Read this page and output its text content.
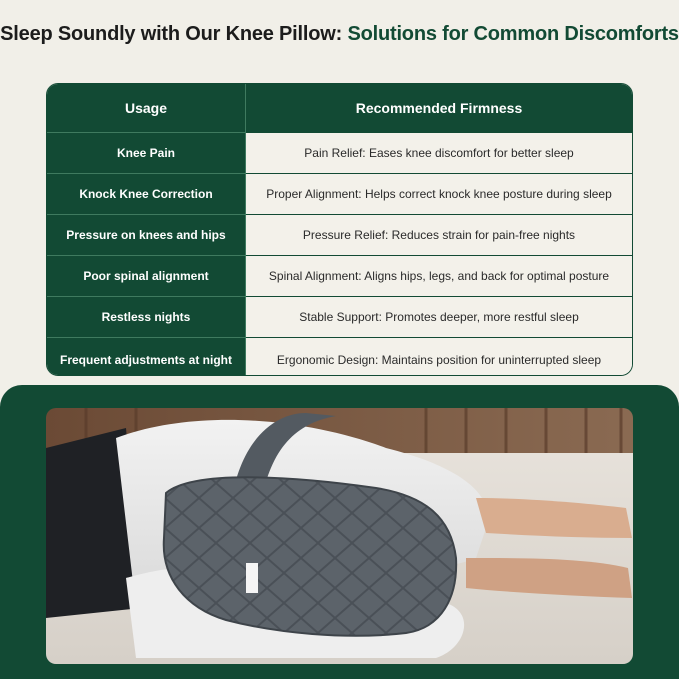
Sleep Soundly with Our Knee Pillow: Solutions for Common Discomforts
Usage	Recommended Firmness
Knee Pain	Pain Relief: Eases knee discomfort for better sleep
Knock Knee Correction	Proper Alignment: Helps correct knock knee posture during sleep
Pressure on knees and hips	Pressure Relief: Reduces strain for pain-free nights
Poor spinal alignment	Spinal Alignment: Aligns hips, legs, and back for optimal posture
Restless nights	Stable Support: Promotes deeper, more restful sleep
Frequent adjustments at night	Ergonomic Design: Maintains position for uninterrupted sleep
